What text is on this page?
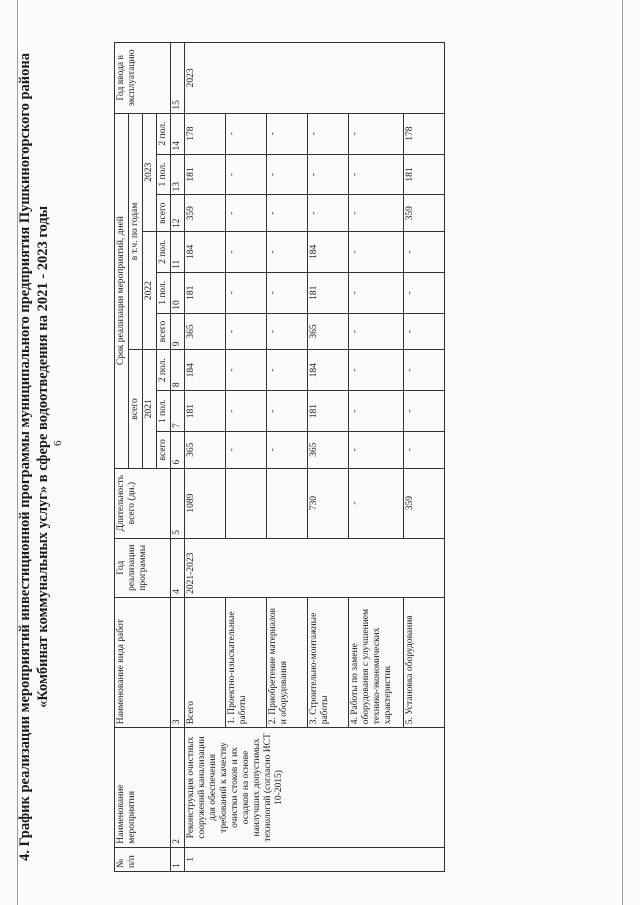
6
4. График реализации мероприятий инвестиционной программы муниципального предприятия Пушкиногорского района «Комбинат коммунальных услуг» в сфере водоотведения на 2021 - 2023 годы
№ п/п	Наименование мероприятия	Наименование вида работ	Год реализации программы	Длительность всего (дн.)	Срок реализации мероприятий, дней									Год ввода в эксплуатацию
					всего			в т.ч. по годам						
					2021			2022			2023			
					всего	1 пол.	2 пол.	всего	1 пол.	2 пол.	всего	1 пол.	2 пол.	
1	2	3	4	5	6	7	8	9	10	11	12	13	14	15
1	Реконструкция очистных сооружений канализации для обеспечения требований к качеству очистки стоков и их осадков на основе наилучших допустимых технологий (согласно ИСТ 10-2015)	Всего	2021-2023	1089	365	181	184	365	181	184	359	181	178	2023
		1. Проектно-изыскательные работы			-	-	-	-	-	-	-	-	-	
		2. Приобретение материалов и оборудования			-	-	-	-	-	-	-	-	-	
		3. Строительно-монтажные работы		730	365	181	184	365	181	184	-	-	-	
		4. Работы по замене оборудования с улучшением технико-экономических характеристик		-	-	-	-	-	-	-	-	-	-	
		5. Установка оборудования		359	-	-	-	-	-	-	359	181	178	
